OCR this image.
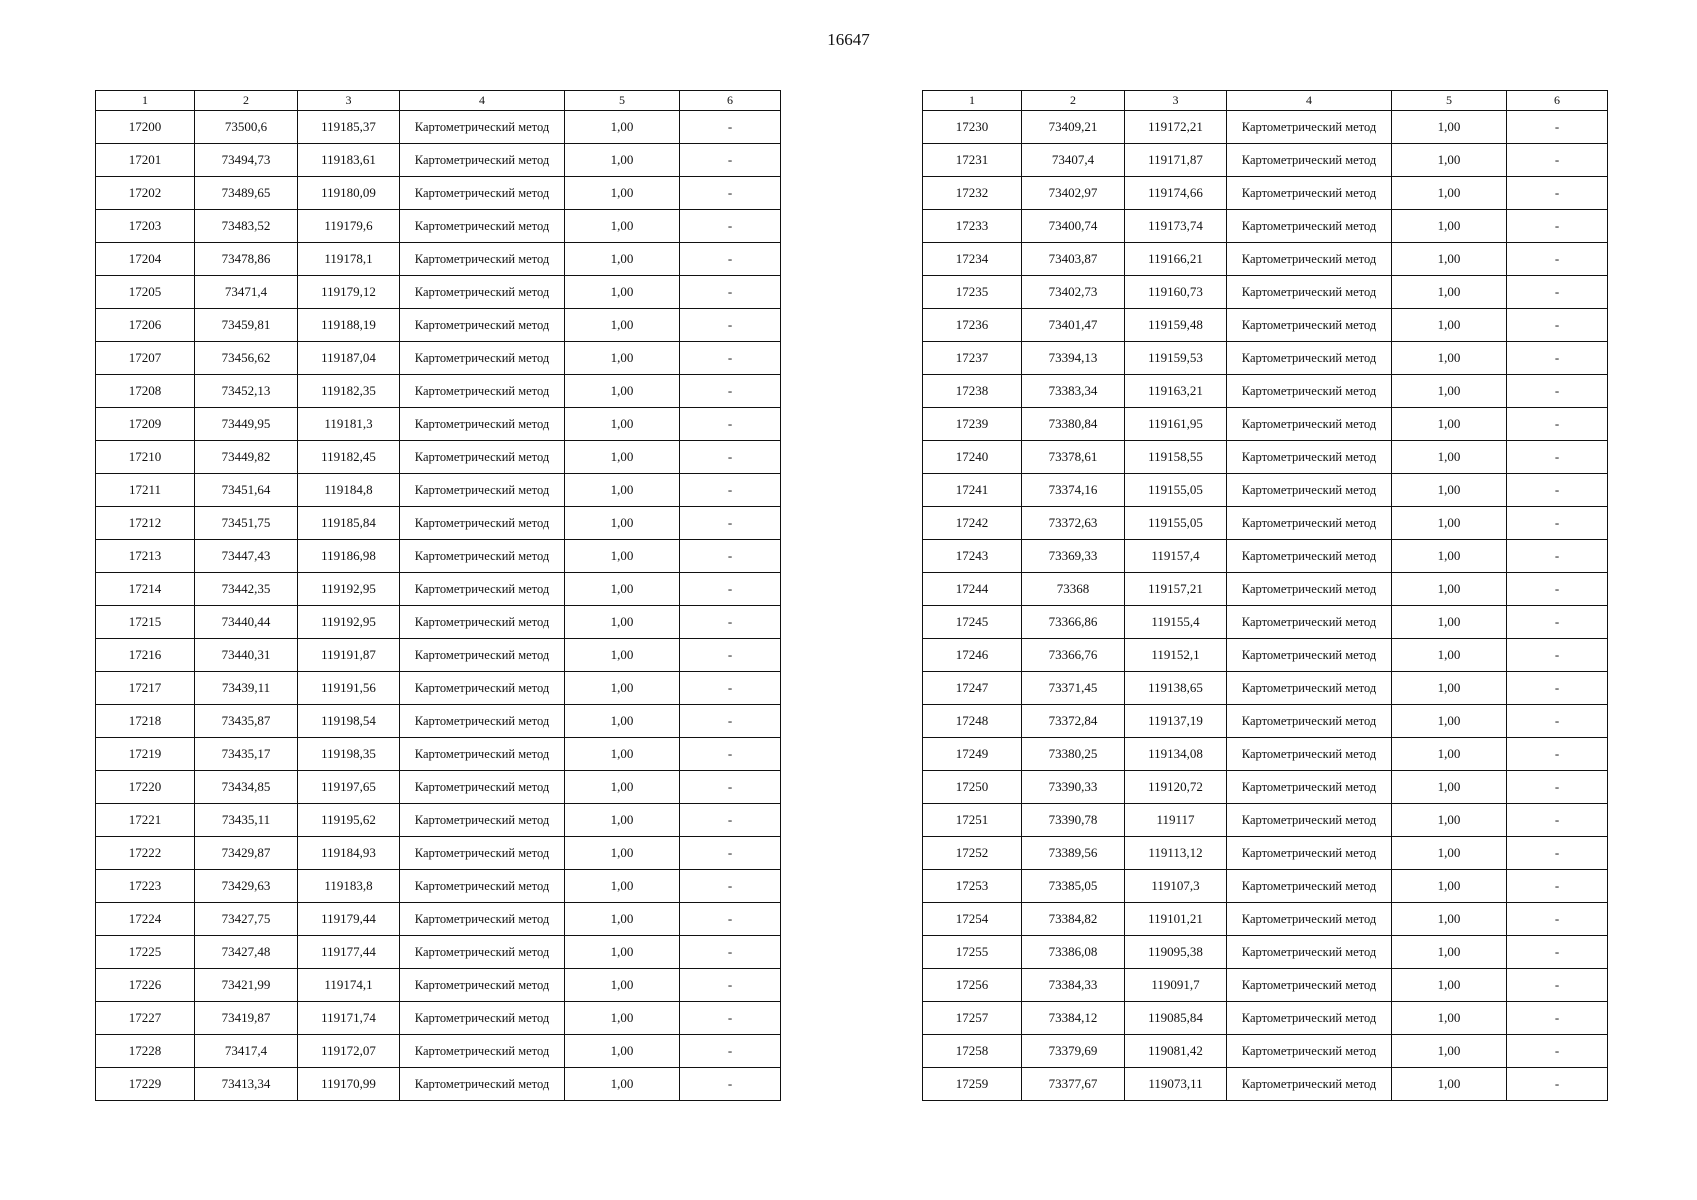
16647
1	2	3	4	5	6
17200	73500,6	119185,37	Картометрический метод	1,00	-
17201	73494,73	119183,61	Картометрический метод	1,00	-
17202	73489,65	119180,09	Картометрический метод	1,00	-
17203	73483,52	119179,6	Картометрический метод	1,00	-
17204	73478,86	119178,1	Картометрический метод	1,00	-
17205	73471,4	119179,12	Картометрический метод	1,00	-
17206	73459,81	119188,19	Картометрический метод	1,00	-
17207	73456,62	119187,04	Картометрический метод	1,00	-
17208	73452,13	119182,35	Картометрический метод	1,00	-
17209	73449,95	119181,3	Картометрический метод	1,00	-
17210	73449,82	119182,45	Картометрический метод	1,00	-
17211	73451,64	119184,8	Картометрический метод	1,00	-
17212	73451,75	119185,84	Картометрический метод	1,00	-
17213	73447,43	119186,98	Картометрический метод	1,00	-
17214	73442,35	119192,95	Картометрический метод	1,00	-
17215	73440,44	119192,95	Картометрический метод	1,00	-
17216	73440,31	119191,87	Картометрический метод	1,00	-
17217	73439,11	119191,56	Картометрический метод	1,00	-
17218	73435,87	119198,54	Картометрический метод	1,00	-
17219	73435,17	119198,35	Картометрический метод	1,00	-
17220	73434,85	119197,65	Картометрический метод	1,00	-
17221	73435,11	119195,62	Картометрический метод	1,00	-
17222	73429,87	119184,93	Картометрический метод	1,00	-
17223	73429,63	119183,8	Картометрический метод	1,00	-
17224	73427,75	119179,44	Картометрический метод	1,00	-
17225	73427,48	119177,44	Картометрический метод	1,00	-
17226	73421,99	119174,1	Картометрический метод	1,00	-
17227	73419,87	119171,74	Картометрический метод	1,00	-
17228	73417,4	119172,07	Картометрический метод	1,00	-
17229	73413,34	119170,99	Картометрический метод	1,00	-
1	2	3	4	5	6
17230	73409,21	119172,21	Картометрический метод	1,00	-
17231	73407,4	119171,87	Картометрический метод	1,00	-
17232	73402,97	119174,66	Картометрический метод	1,00	-
17233	73400,74	119173,74	Картометрический метод	1,00	-
17234	73403,87	119166,21	Картометрический метод	1,00	-
17235	73402,73	119160,73	Картометрический метод	1,00	-
17236	73401,47	119159,48	Картометрический метод	1,00	-
17237	73394,13	119159,53	Картометрический метод	1,00	-
17238	73383,34	119163,21	Картометрический метод	1,00	-
17239	73380,84	119161,95	Картометрический метод	1,00	-
17240	73378,61	119158,55	Картометрический метод	1,00	-
17241	73374,16	119155,05	Картометрический метод	1,00	-
17242	73372,63	119155,05	Картометрический метод	1,00	-
17243	73369,33	119157,4	Картометрический метод	1,00	-
17244	73368	119157,21	Картометрический метод	1,00	-
17245	73366,86	119155,4	Картометрический метод	1,00	-
17246	73366,76	119152,1	Картометрический метод	1,00	-
17247	73371,45	119138,65	Картометрический метод	1,00	-
17248	73372,84	119137,19	Картометрический метод	1,00	-
17249	73380,25	119134,08	Картометрический метод	1,00	-
17250	73390,33	119120,72	Картометрический метод	1,00	-
17251	73390,78	119117	Картометрический метод	1,00	-
17252	73389,56	119113,12	Картометрический метод	1,00	-
17253	73385,05	119107,3	Картометрический метод	1,00	-
17254	73384,82	119101,21	Картометрический метод	1,00	-
17255	73386,08	119095,38	Картометрический метод	1,00	-
17256	73384,33	119091,7	Картометрический метод	1,00	-
17257	73384,12	119085,84	Картометрический метод	1,00	-
17258	73379,69	119081,42	Картометрический метод	1,00	-
17259	73377,67	119073,11	Картометрический метод	1,00	-
